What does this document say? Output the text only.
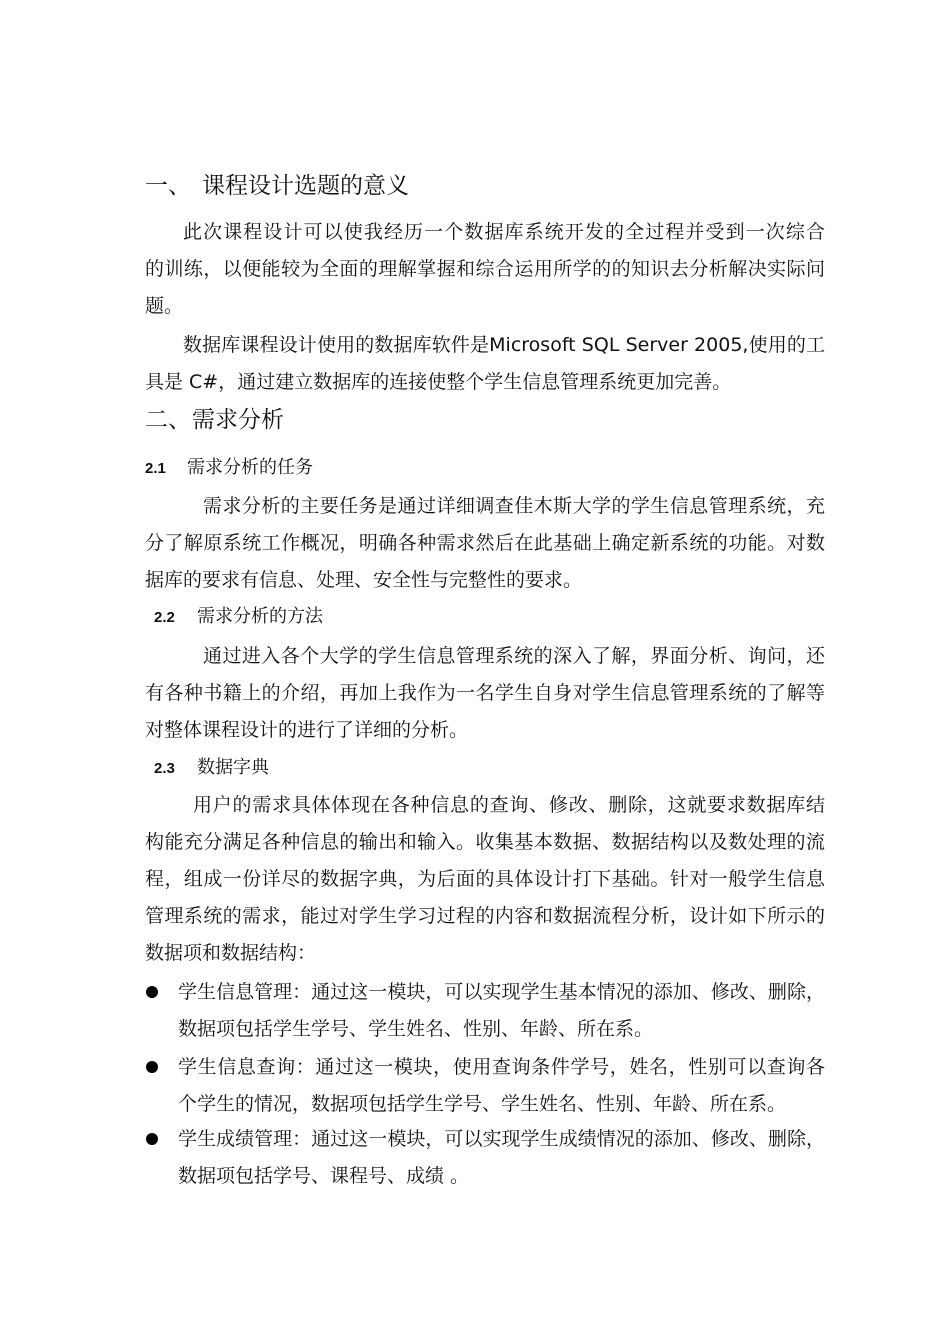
一、 课程设计选题的意义
此次课程设计可以使我经历一个数据库系统开发的全过程并受到一次综合
的训练，以便能较为全面的理解掌握和综合运用所学的的知识去分析解决实际问
题。
数据库课程设计使用的数据库软件是Microsoft SQL Server 2005,使用的工
具是 C#，通过建立数据库的连接使整个学生信息管理系统更加完善。
二、需求分析
2.1 需求分析的任务
需求分析的主要任务是通过详细调查佳木斯大学的学生信息管理系统，充
分了解原系统工作概况，明确各种需求然后在此基础上确定新系统的功能。对数
据库的要求有信息、处理、安全性与完整性的要求。
2.2 需求分析的方法
通过进入各个大学的学生信息管理系统的深入了解，界面分析、询问，还
有各种书籍上的介绍，再加上我作为一名学生自身对学生信息管理系统的了解等
对整体课程设计的进行了详细的分析。
2.3 数据字典
用户的需求具体体现在各种信息的查询、修改、删除，这就要求数据库结
构能充分满足各种信息的输出和输入。收集基本数据、数据结构以及数处理的流
程，组成一份详尽的数据字典，为后面的具体设计打下基础。针对一般学生信息
管理系统的需求，能过对学生学习过程的内容和数据流程分析，设计如下所示的
数据项和数据结构：
学生信息管理：通过这一模块，可以实现学生基本情况的添加、修改、删除，
数据项包括学生学号、学生姓名、性别、年龄、所在系。
学生信息查询：通过这一模块，使用查询条件学号，姓名，性别可以查询各
个学生的情况，数据项包括学生学号、学生姓名、性别、年龄、所在系。
学生成绩管理：通过这一模块，可以实现学生成绩情况的添加、修改、删除，
数据项包括学号、课程号、成绩 。
